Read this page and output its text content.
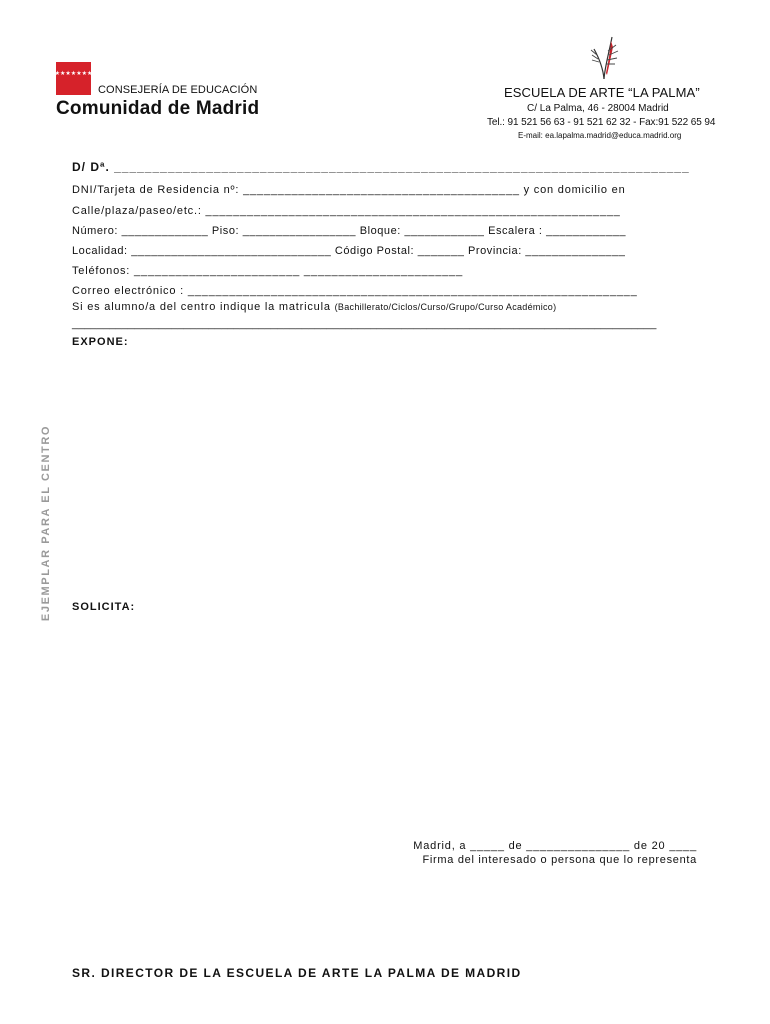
★★★★★★★
CONSEJERÍA DE EDUCACIÓN
Comunidad de Madrid
ESCUELA DE ARTE “LA PALMA”
C/ La Palma, 46 - 28004 Madrid
Tel.: 91 521 56 63 - 91 521 62 32 - Fax:91 522 65 94
E-mail: ea.lapalma.madrid@educa.madrid.org
EJEMPLAR PARA EL CENTRO
D/ Dª. ___________________________________________________________________________
DNI/Tarjeta de Residencia nº: ________________________________________ y con domicilio en
Calle/plaza/paseo/etc.: ____________________________________________________________
Número: _____________ Piso: _________________ Bloque: ____________ Escalera : ____________
Localidad: ______________________________ Código Postal: _______ Provincia: _______________
Teléfonos: ________________________ _______________________
Correo electrónico : _________________________________________________________________
Si es alumno/a del centro indique la matricula (Bachillerato/Ciclos/Curso/Grupo/Curso Académico)
______________________________________________________________________________________________
EXPONE:
SOLICITA:
Madrid, a _____ de _______________ de 20 ____
Firma del interesado o persona que lo representa
SR. DIRECTOR DE LA ESCUELA DE ARTE LA PALMA DE MADRID
